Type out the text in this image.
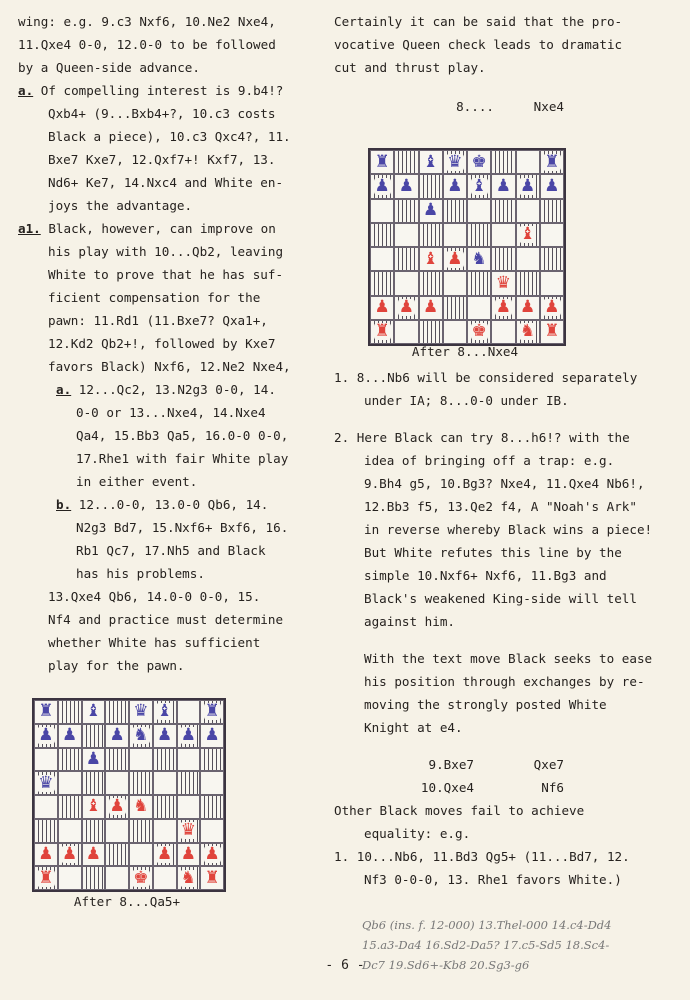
wing: e.g. 9.c3 Nxf6, 10.Ne2 Nxe4,
11.Qxe4 0-0, 12.0-0 to be followed
by a Queen-side advance.
a. Of compelling interest is 9.b4!?
Qxb4+ (9...Bxb4+?, 10.c3 costs
Black a piece), 10.c3 Qxc4?, 11.
Bxe7 Kxe7, 12.Qxf7+! Kxf7, 13.
Nd6+ Ke7, 14.Nxc4 and White en-
joys the advantage.
a1. Black, however, can improve on
his play with 10...Qb2, leaving
White to prove that he has suf-
ficient compensation for the
pawn: 11.Rd1 (11.Bxe7? Qxa1+,
12.Kd2 Qb2+!, followed by Kxe7
favors Black) Nxf6, 12.Ne2 Nxe4,
a. 12...Qc2, 13.N2g3 0-0, 14.
0-0 or 13...Nxe4, 14.Nxe4
Qa4, 15.Bb3 Qa5, 16.0-0 0-0,
17.Rhe1 with fair White play
in either event.
b. 12...0-0, 13.0-0 Qb6, 14.
N2g3 Bd7, 15.Nxf6+ Bxf6, 16.
Rb1 Qc7, 17.Nh5 and Black
has his problems.
13.Qxe4 Qb6, 14.0-0 0-0, 15.
Nf4 and practice must determine
whether White has sufficient
play for the pawn.
♜ ♝ ♛ ♝ ♜
♟ ♟ ♟ ♞ ♟ ♟ ♟
♟
♛
♝ ♟ ♞
♛
♟ ♟ ♟	♟ ♟ ♟
♜	♚ ♞ ♜
After 8...Qa5+
Certainly it can be said that the pro-
vocative Queen check leads to dramatic
cut and thrust play.
8....	Nxe4
♜ ♝ ♛ ♚	♜
♟ ♟ ♟ ♝ ♟ ♟ ♟
♟
♝
♝ ♟ ♞
♛
♟ ♟ ♟	♟ ♟ ♟
♜	♚ ♞ ♜
After 8...Nxe4
1. 8...Nb6 will be considered separately
under IA; 8...0-0 under IB.
2. Here Black can try 8...h6!? with the
idea of bringing off a trap: e.g.
9.Bh4 g5, 10.Bg3? Nxe4, 11.Qxe4 Nb6!,
12.Bb3 f5, 13.Qe2 f4, A "Noah's Ark"
in reverse whereby Black wins a piece!
But White refutes this line by the
simple 10.Nxf6+ Nxf6, 11.Bg3 and
Black's weakened King-side will tell
against him.
With the text move Black seeks to ease
his position through exchanges by re-
moving the strongly posted White
Knight at e4.
9.Bxe7	Qxe7
10.Qxe4	Nf6
Other Black moves fail to achieve
equality: e.g.
1. 10...Nb6, 11.Bd3 Qg5+ (11...Bd7, 12.
Nf3 0-0-0, 13. Rhe1 favors White.)
Qb6 (ins. f. 12-000) 13.Thel-000 14.c4-Dd4
15.a3-Da4 16.Sd2-Da5? 17.c5-Sd5 18.Sc4-
Dc7 19.Sd6+-Kb8 20.Sg3-g6
- 6 -
